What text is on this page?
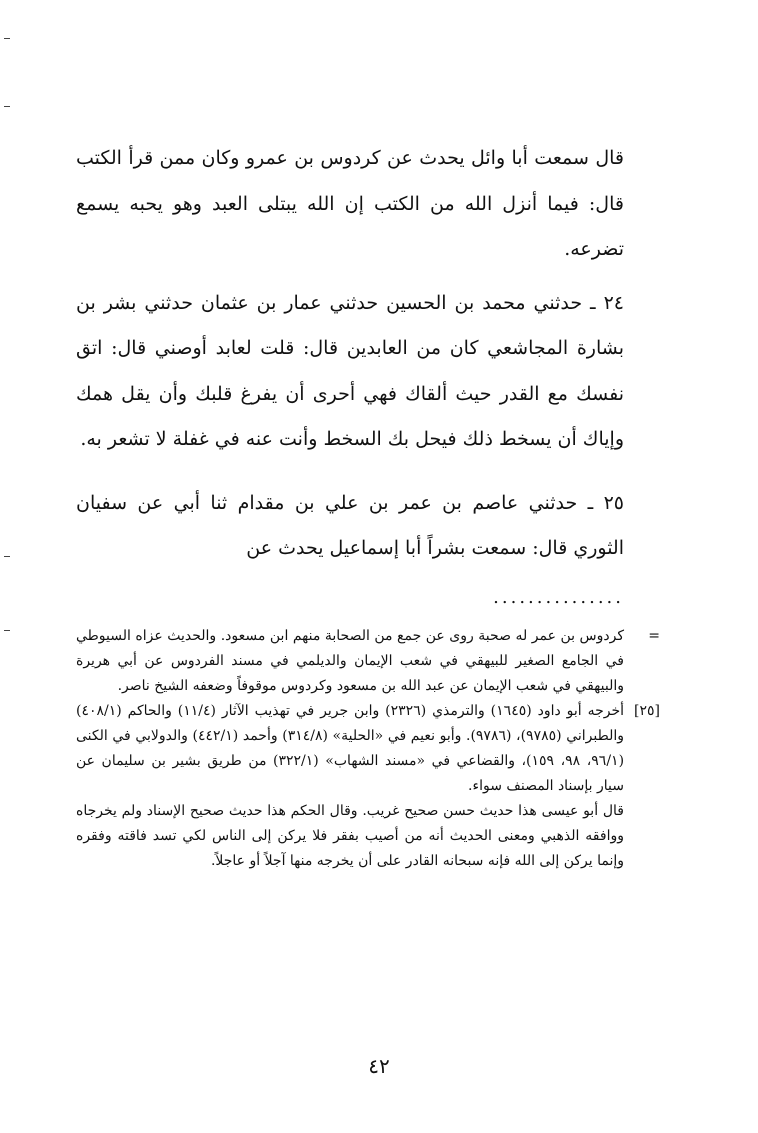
قال سمعت أبا وائل يحدث عن كردوس بن عمرو وكان ممن قرأ الكتب قال: فيما أنزل الله من الكتب إن الله يبتلى العبد وهو يحبه يسمع تضرعه.

٢٤ ـ حدثني محمد بن الحسين حدثني عمار بن عثمان حدثني بشر بن بشارة المجاشعي كان من العابدين قال: قلت لعابد أوصني قال: اتق نفسك مع القدر حيث ألقاك فهي أحرى أن يفرغ قلبك وأن يقل همك وإياك أن يسخط ذلك فيحل بك السخط وأنت عنه في غفلة لا تشعر به.

٢٥ ـ حدثني عاصم بن عمر بن علي بن مقدام ثنا أبي عن سفيان الثوري قال: سمعت بشراً أبا إسماعيل يحدث عن

...............
=
كردوس بن عمر له صحبة روى عن جمع من الصحابة منهم ابن مسعود. والحديث عزاه السيوطي في الجامع الصغير للبيهقي في شعب الإيمان والديلمي في مسند الفردوس عن أبي هريرة والبيهقي في شعب الإيمان عن عبد الله بن مسعود وكردوس موقوفاً وضعفه الشيخ ناصر.
[٢٥]
أخرجه أبو داود (١٦٤٥) والترمذي (٢٣٢٦) وابن جرير في تهذيب الآثار (١١/٤) والحاكم (٤٠٨/١) والطبراني (٩٧٨٥)، (٩٧٨٦). وأبو نعيم في «الحلية» (٣١٤/٨) وأحمد (٤٤٢/١) والدولابي في الكنى (٩٦/١، ٩٨، ١٥٩)، والقضاعي في «مسند الشهاب» (٣٢٢/١) من طريق بشير بن سليمان عن سيار بإسناد المصنف سواء.
قال أبو عيسى هذا حديث حسن صحيح غريب. وقال الحكم هذا حديث صحيح الإسناد ولم يخرجاه ووافقه الذهبي ومعنى الحديث أنه من أصيب بفقر فلا يركن إلى الناس لكي تسد فاقته وفقره وإنما يركن إلى الله فإنه سبحانه القادر على أن يخرجه منها آجلاً أو عاجلاً.
٤٢
